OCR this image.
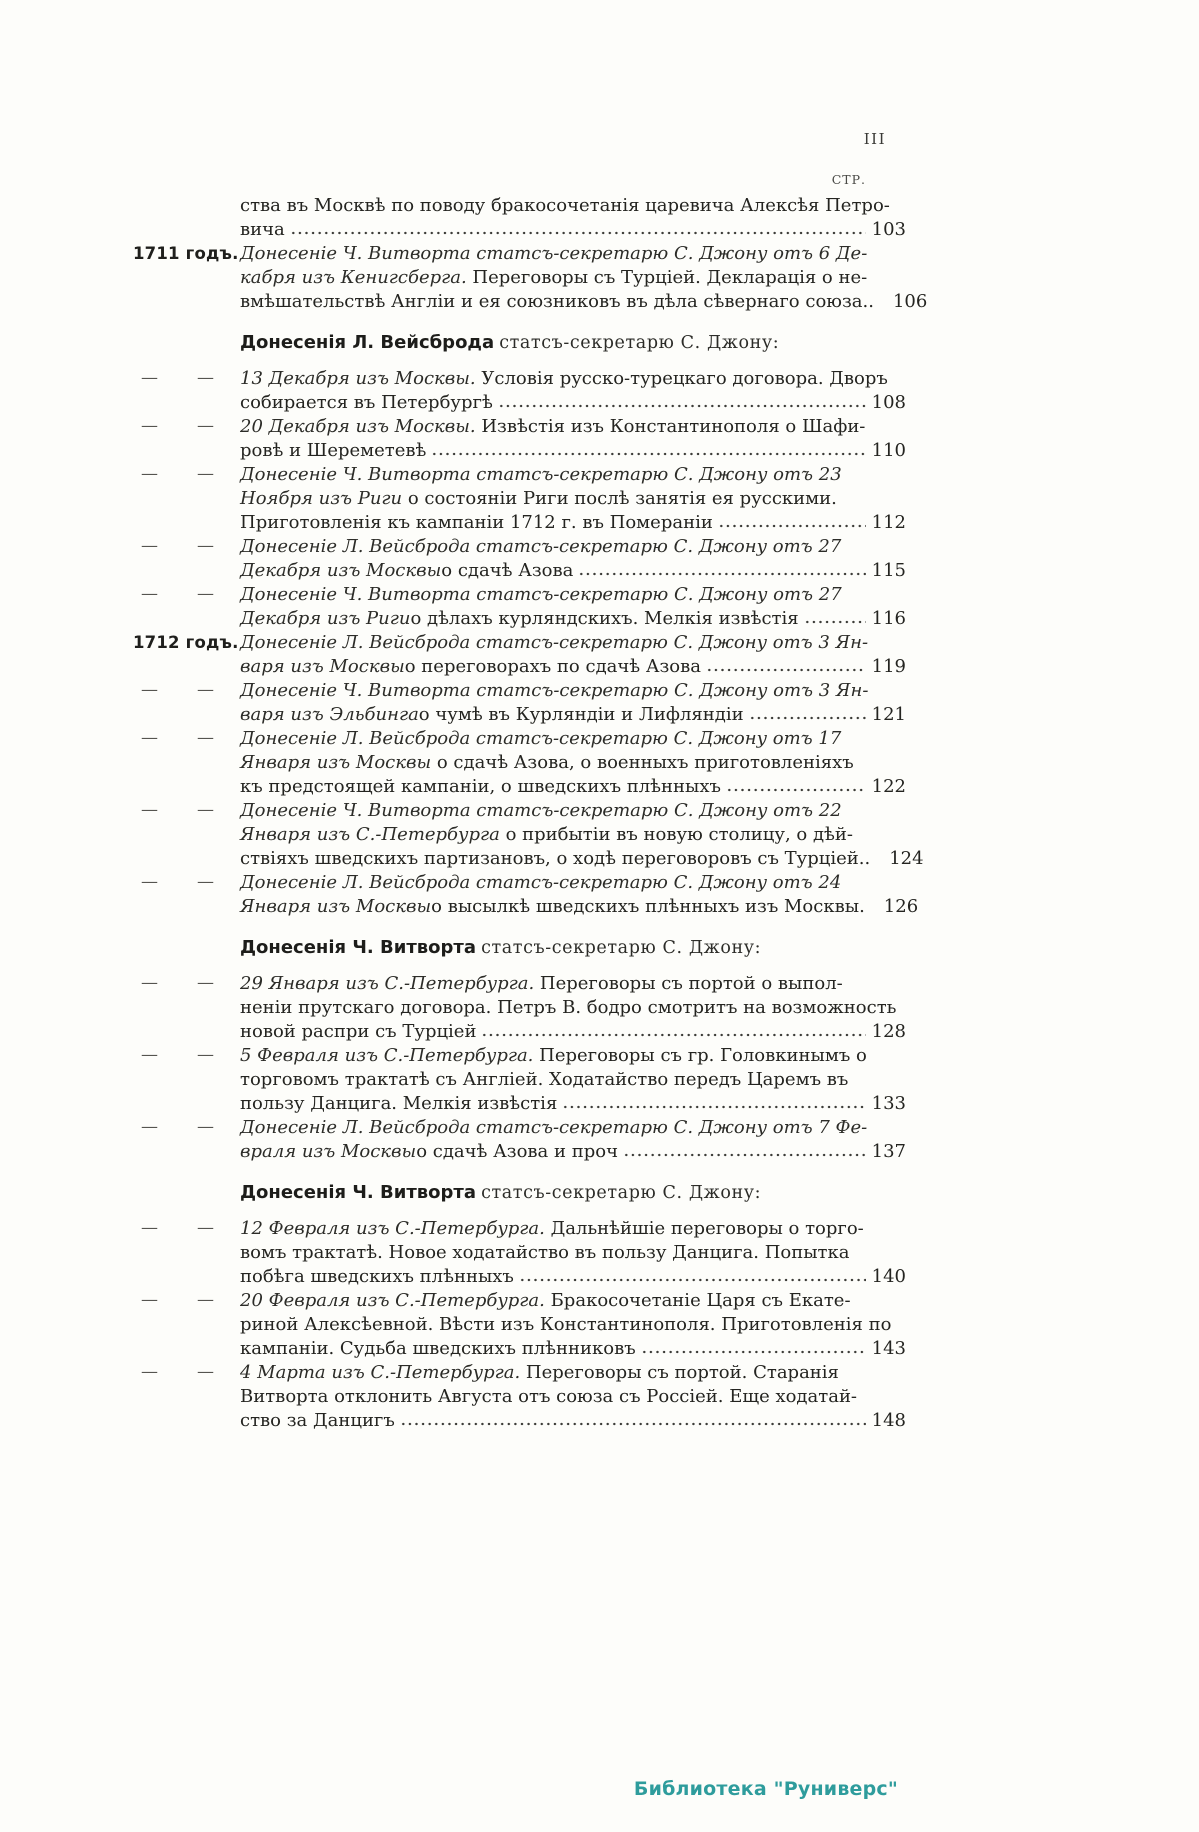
III
СТР.
ства въ Москвѣ по поводу бракосочетанія царевича Алексѣя Петро-
вича	103
1711 годъ. Донесеніе Ч. Витворта статсъ-секретарю С. Джону отъ 6 Де-
кабря изъ Кенигсберга. Переговоры съ Турціей. Декларація о не-
вмѣшательствѣ Англіи и ея союзниковъ въ дѣла сѣвернаго союза.. 106
Донесенія Л. Вейсброда статсъ-секретарю С. Джону:
— — 13 Декабря изъ Москвы. Условія русско-турецкаго договора. Дворъ
собирается въ Петербургѣ	108
— — 20 Декабря изъ Москвы. Извѣстія изъ Константинополя о Шафи-
ровѣ и Шереметевѣ	110
— — Донесеніе Ч. Витворта статсъ-секретарю С. Джону отъ 23
Ноября изъ Риги о состояніи Риги послѣ занятія ея русскими.
Приготовленія къ кампаніи 1712 г. въ Помераніи	112
— — Донесеніе Л. Вейсброда статсъ-секретарю С. Джону отъ 27
Декабря изъ Москвы о сдачѣ Азова	115
— — Донесеніе Ч. Витворта статсъ-секретарю С. Джону отъ 27
Декабря изъ Риги о дѣлахъ курляндскихъ. Мелкія извѣстія	116
1712 годъ. Донесеніе Л. Вейсброда статсъ-секретарю С. Джону отъ 3 Ян-
варя изъ Москвы о переговорахъ по сдачѣ Азова	119
— — Донесеніе Ч. Витворта статсъ-секретарю С. Джону отъ 3 Ян-
варя изъ Эльбинга о чумѣ въ Курляндіи и Лифляндіи	121
— — Донесеніе Л. Вейсброда статсъ-секретарю С. Джону отъ 17
Января изъ Москвы о сдачѣ Азова, о военныхъ приготовленіяхъ
къ предстоящей кампаніи, о шведскихъ плѣнныхъ	122
— — Донесеніе Ч. Витворта статсъ-секретарю С. Джону отъ 22
Января изъ С.-Петербурга о прибытіи въ новую столицу, о дѣй-
ствіяхъ шведскихъ партизановъ, о ходѣ переговоровъ съ Турціей.. 124
— — Донесеніе Л. Вейсброда статсъ-секретарю С. Джону отъ 24
Января изъ Москвы о высылкѣ шведскихъ плѣнныхъ изъ Москвы. 126
Донесенія Ч. Витворта статсъ-секретарю С. Джону:
— — 29 Января изъ С.-Петербурга. Переговоры съ портой о выпол-
неніи прутскаго договора. Петръ В. бодро смотритъ на возможность
новой распри съ Турціей	128
— — 5 Февраля изъ С.-Петербурга. Переговоры съ гр. Головкинымъ о
торговомъ трактатѣ съ Англіей. Ходатайство передъ Царемъ въ
пользу Данцига. Мелкія извѣстія	133
— — Донесеніе Л. Вейсброда статсъ-секретарю С. Джону отъ 7 Фе-
враля изъ Москвы о сдачѣ Азова и проч	137
Донесенія Ч. Витворта статсъ-секретарю С. Джону:
— — 12 Февраля изъ С.-Петербурга. Дальнѣйшіе переговоры о торго-
вомъ трактатѣ. Новое ходатайство въ пользу Данцига. Попытка
побѣга шведскихъ плѣнныхъ	140
— — 20 Февраля изъ С.-Петербурга. Бракосочетаніе Царя съ Екате-
риной Алексѣевной. Вѣсти изъ Константинополя. Приготовленія по
кампаніи. Судьба шведскихъ плѣнниковъ	143
— — 4 Марта изъ С.-Петербурга. Переговоры съ портой. Старанія
Витворта отклонить Августа отъ союза съ Россіей. Еще ходатай-
ство за Данцигъ	148
Библиотека "Руниверс"
